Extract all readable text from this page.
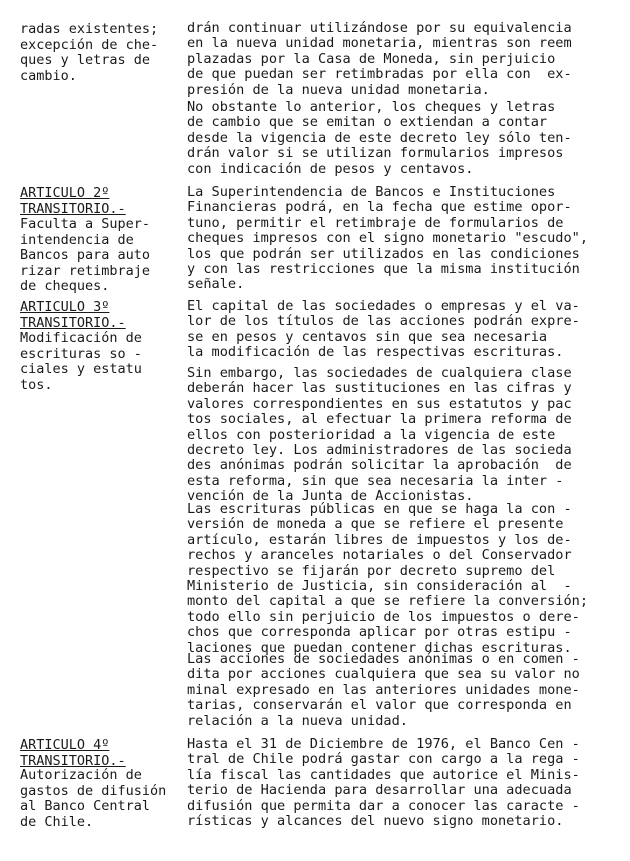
radas existentes;
excepción de che-
ques y letras de
cambio.
drán continuar utilizándose por su equivalencia
en la nueva unidad monetaria, mientras son reem
plazadas por la Casa de Moneda, sin perjuicio
de que puedan ser retimbradas por ella con  ex-
presión de la nueva unidad monetaria.
No obstante lo anterior, los cheques y letras
de cambio que se emitan o extiendan a contar
desde la vigencia de este decreto ley sólo ten-
drán valor si se utilizan formularios impresos
con indicación de pesos y centavos.
ARTICULO 2º
TRANSITORIO.-
Faculta a Super-
intendencia de
Bancos para auto
rizar retimbraje
de cheques.
La Superintendencia de Bancos e Instituciones
Financieras podrá, en la fecha que estime opor-
tuno, permitir el retimbraje de formularios de
cheques impresos con el signo monetario "escudo",
los que podrán ser utilizados en las condiciones
y con las restricciones que la misma institución
señale.
ARTICULO 3º
TRANSITORIO.-
Modificación de
escrituras so -
ciales y estatu
tos.
El capital de las sociedades o empresas y el va-
lor de los títulos de las acciones podrán expre-
se en pesos y centavos sin que sea necesaria
la modificación de las respectivas escrituras.
Sin embargo, las sociedades de cualquiera clase
deberán hacer las sustituciones en las cifras y
valores correspondientes en sus estatutos y pac
tos sociales, al efectuar la primera reforma de
ellos con posterioridad a la vigencia de este
decreto ley. Los administradores de las socieda
des anónimas podrán solicitar la aprobación  de
esta reforma, sin que sea necesaria la inter -
vención de la Junta de Accionistas.
Las escrituras públicas en que se haga la con -
versión de moneda a que se refiere el presente
artículo, estarán libres de impuestos y los de-
rechos y aranceles notariales o del Conservador
respectivo se fijarán por decreto supremo del
Ministerio de Justicia, sin consideración al  -
monto del capital a que se refiere la conversión;
todo ello sin perjuicio de los impuestos o dere-
chos que corresponda aplicar por otras estipu -
laciones que puedan contener dichas escrituras.
Las acciones de sociedades anónimas o en comen -
dita por acciones cualquiera que sea su valor no
minal expresado en las anteriores unidades mone-
tarias, conservarán el valor que corresponda en
relación a la nueva unidad.
ARTICULO 4º
TRANSITORIO.-
Autorización de
gastos de difusión
al Banco Central
de Chile.
Hasta el 31 de Diciembre de 1976, el Banco Cen -
tral de Chile podrá gastar con cargo a la rega -
lía fiscal las cantidades que autorice el Minis-
terio de Hacienda para desarrollar una adecuada
difusión que permita dar a conocer las caracte -
rísticas y alcances del nuevo signo monetario.
